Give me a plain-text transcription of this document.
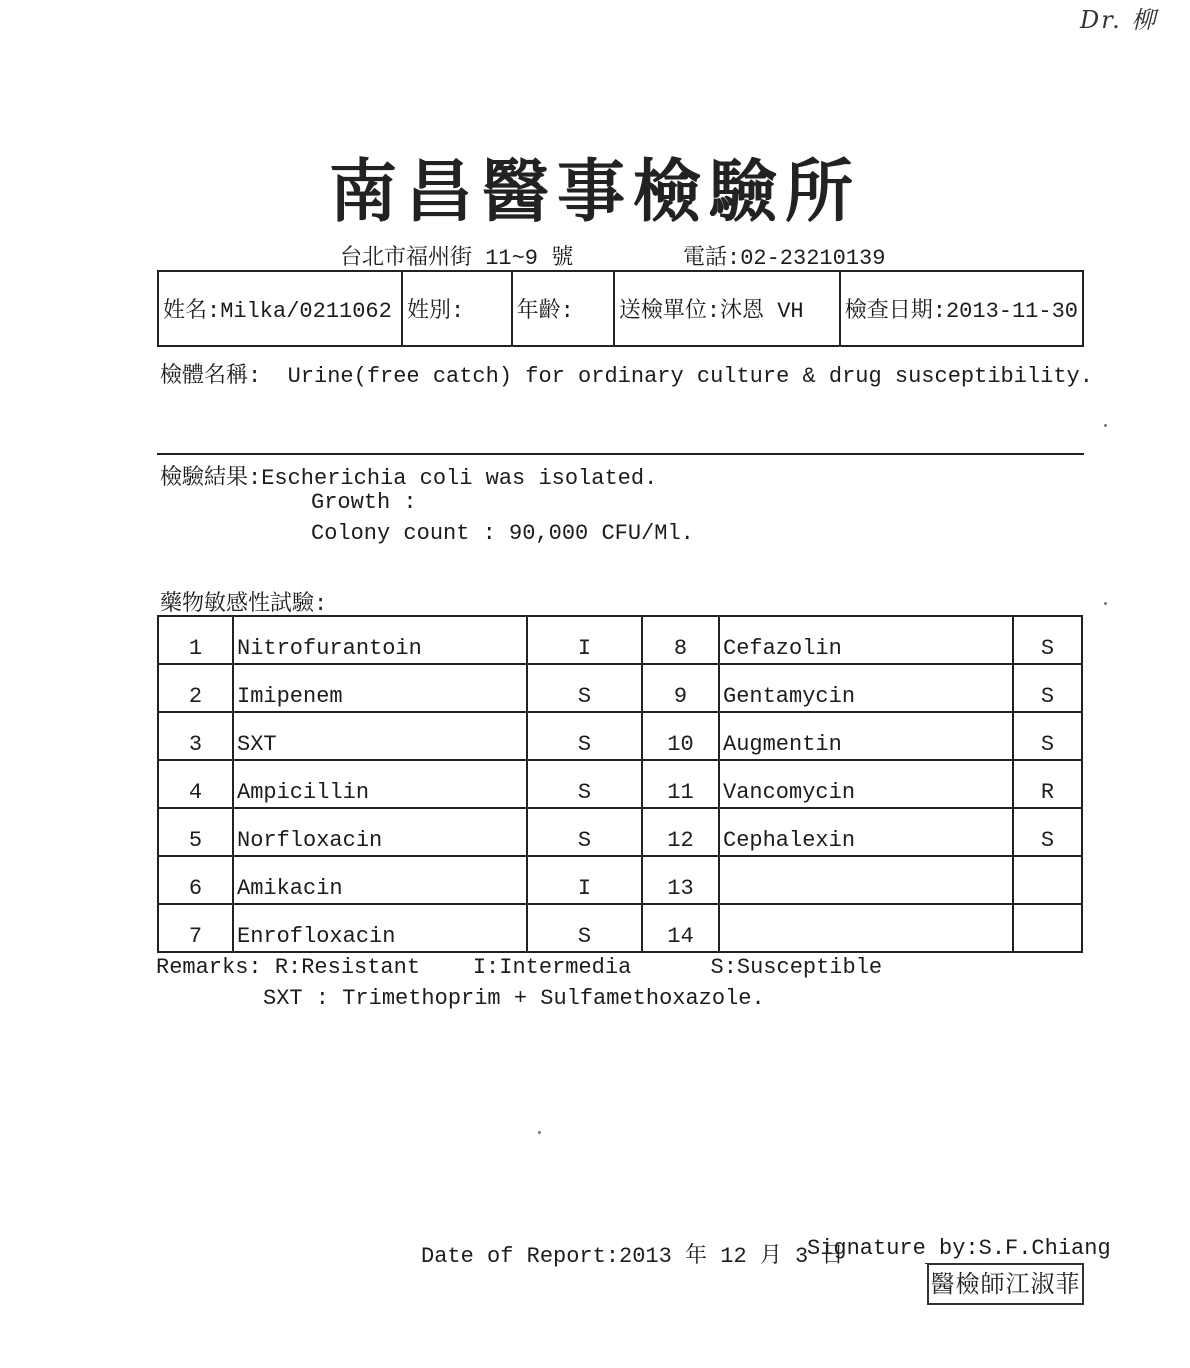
Dr. 柳
南昌醫事檢驗所
台北市福州街 11~9 號	電話:02-23210139
姓名:Milka/0211062	姓別:	年齡:	送檢單位:沐恩 VH	檢查日期:2013-11-30
檢體名稱:  Urine(free catch) for ordinary culture & drug susceptibility.
檢驗結果:Escherichia coli was isolated.
Growth :
Colony count : 90,000 CFU/Ml.
藥物敏感性試驗:
1	Nitrofurantoin	I	8	Cefazolin	S
2	Imipenem	S	9	Gentamycin	S
3	SXT	S	10	Augmentin	S
4	Ampicillin	S	11	Vancomycin	R
5	Norfloxacin	S	12	Cephalexin	S
6	Amikacin	I	13		
7	Enrofloxacin	S	14		
Remarks: R:Resistant    I:Intermedia      S:Susceptible
SXT : Trimethoprim + Sulfamethoxazole.
Date of Report:2013 年 12 月 3 日
Signature by:S.F.Chiang
醫檢師江淑菲
